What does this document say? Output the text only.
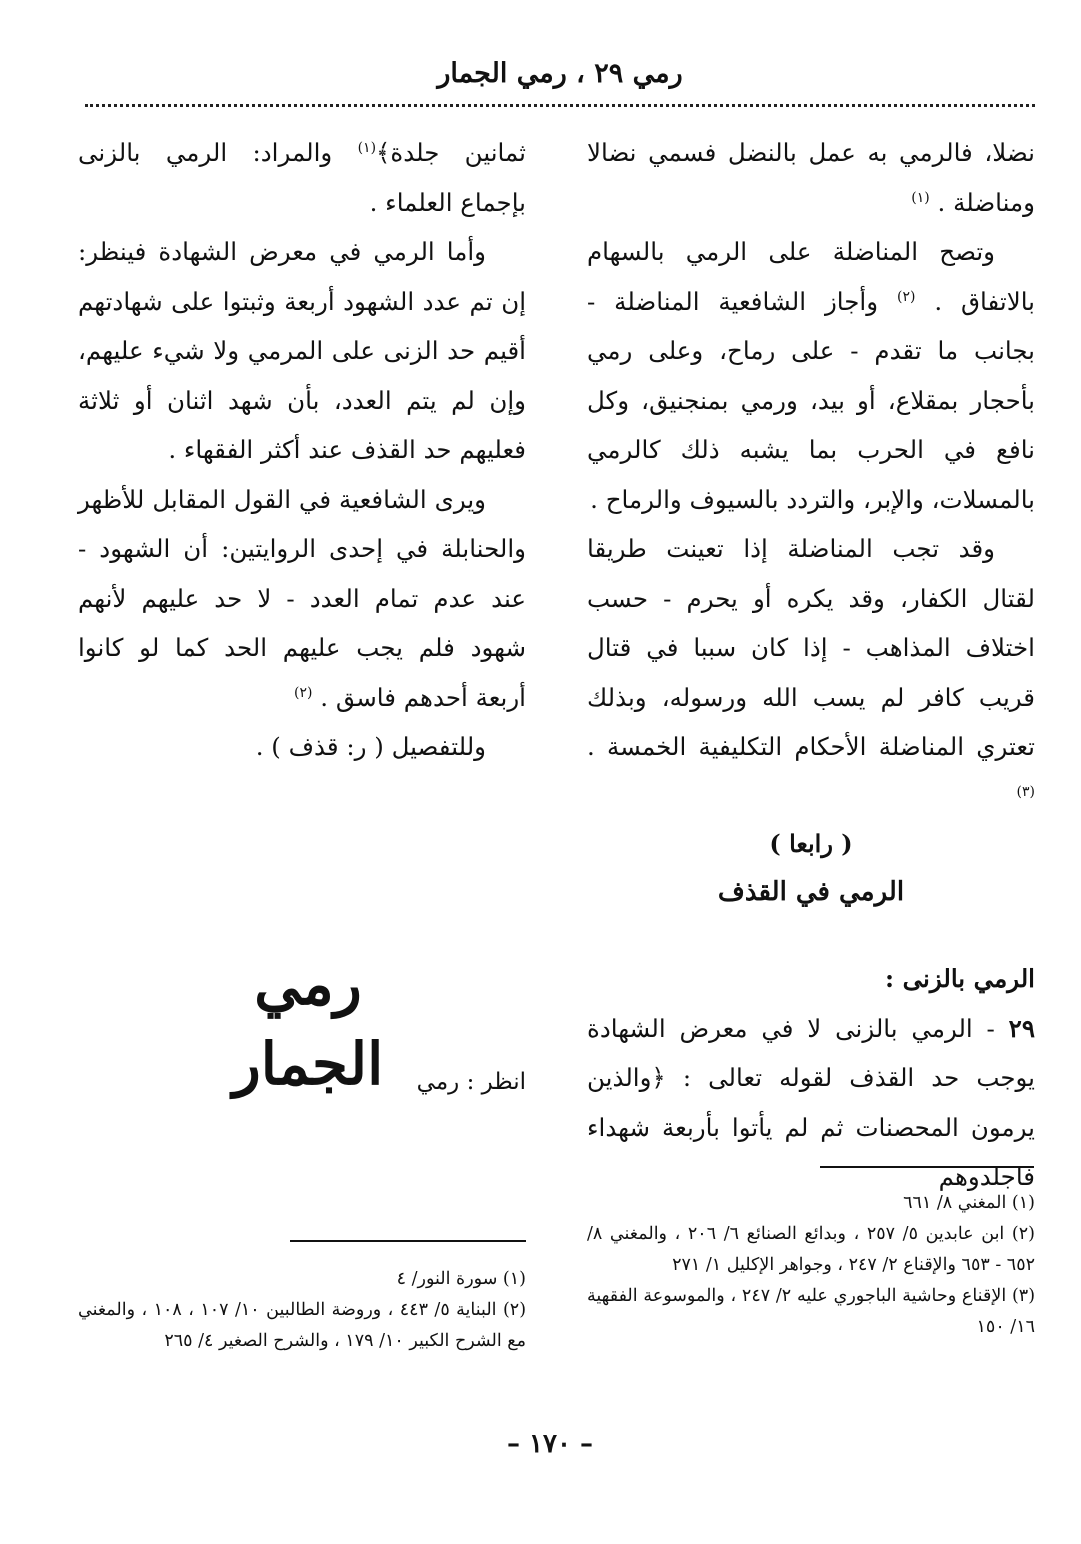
رمي ٢٩ ، رمي الجمار

نضلا، فالرمي به عمل بالنضل فسمي نضالا ومناضلة . $^{(١)}$

وتصح المناضلة على الرمي بالسهام بالاتفاق . $^{(٢)}$ وأجاز الشافعية المناضلة - بجانب ما تقدم - على رماح، وعلى رمي بأحجار بمقلاع، أو بيد، ورمي بمنجنيق، وكل نافع في الحرب بما يشبه ذلك كالرمي بالمسلات، والإبر، والتردد بالسيوف والرماح .

وقد تجب المناضلة إذا تعينت طريقا لقتال الكفار، وقد يكره أو يحرم - حسب اختلاف المذاهب - إذا كان سببا في قتال قريب كافر لم يسب الله ورسوله، وبذلك تعتري المناضلة الأحكام التكليفية الخمسة . $^{(٣)}$

( رابعا )
الرمي في القذف

الرمي بالزنى :

٢٩ - الرمي بالزنى لا في معرض الشهادة يوجب حد القذف لقوله تعالى : ﴿والذين يرمون المحصنات ثم لم يأتوا بأربعة شهداء فاجلدوهم

ثمانين جلدة﴾$^{(١)}$ والمراد: الرمي بالزنى بإجماع العلماء .

وأما الرمي في معرض الشهادة فينظر: إن تم عدد الشهود أربعة وثبتوا على شهادتهم أقيم حد الزنى على المرمي ولا شيء عليهم، وإن لم يتم العدد، بأن شهد اثنان أو ثلاثة فعليهم حد القذف عند أكثر الفقهاء .

ويرى الشافعية في القول المقابل للأظهر والحنابلة في إحدى الروايتين: أن الشهود - عند عدم تمام العدد - لا حد عليهم لأنهم شهود فلم يجب عليهم الحد كما لو كانوا أربعة أحدهم فاسق . $^{(٢)}$

وللتفصيل ( ر: قذف ) .

رمي الجمار	انظر : رمي

(١) المغني ٨/ ٦٦١

(٢) ابن عابدين ٥/ ٢٥٧ ، وبدائع الصنائع ٦/ ٢٠٦ ، والمغني ٨/ ٦٥٢ - ٦٥٣ والإقناع ٢/ ٢٤٧ ، وجواهر الإكليل ١/ ٢٧١

(٣) الإقناع وحاشية الباجوري عليه ٢/ ٢٤٧ ، والموسوعة الفقهية ١٦/ ١٥٠

(١) سورة النور/ ٤

(٢) البناية ٥/ ٤٤٣ ، وروضة الطالبين ١٠/ ١٠٧ ، ١٠٨ ، والمغني مع الشرح الكبير ١٠/ ١٧٩ ، والشرح الصغير ٤/ ٢٦٥

– ١٧٠ –
